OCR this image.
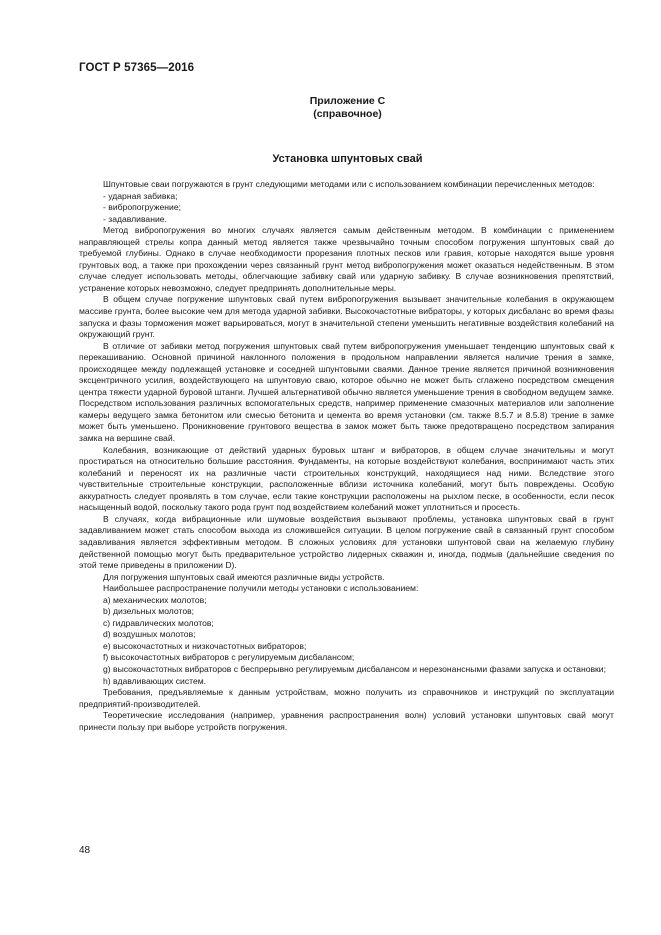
ГОСТ Р 57365—2016
Приложение С
(справочное)
Установка шпунтовых свай

Шпунтовые сваи погружаются в грунт следующими методами или с использованием комбинации перечисленных методов:

- ударная забивка;

- вибропогружение;

- задавливание.

Метод вибропогружения во многих случаях является самым действенным методом. В комбинации с применением направляющей стрелы копра данный метод является также чрезвычайно точным способом погружения шпунтовых свай до требуемой глубины. Однако в случае необходимости прорезания плотных песков или гравия, которые находятся выше уровня грунтовых вод, а также при прохождении через связанный грунт метод вибропогружения может оказаться недейственным. В этом случае следует использовать методы, облегчающие забивку свай или ударную забивку. В случае возникновения препятствий, устранение которых невозможно, следует предпринять дополнительные меры.

В общем случае погружение шпунтовых свай путем вибропогружения вызывает значительные колебания в окружающем массиве грунта, более высокие чем для метода ударной забивки. Высокочастотные вибраторы, у которых дисбаланс во время фазы запуска и фазы торможения может варьироваться, могут в значительной степени уменьшить негативные воздействия колебаний на окружающий грунт.

В отличие от забивки метод погружения шпунтовых свай путем вибропогружения уменьшает тенденцию шпунтовых свай к перекашиванию. Основной причиной наклонного положения в продольном направлении является наличие трения в замке, происходящее между подлежащей установке и соседней шпунтовыми сваями. Данное трение является причиной возникновения эксцентричного усилия, воздействующего на шпунтовую сваю, которое обычно не может быть сглажено посредством смещения центра тяжести ударной буровой штанги. Лучшей альтернативой обычно является уменьшение трения в свободном ведущем замке. Посредством использования различных вспомогательных средств, например применение смазочных материалов или заполнение камеры ведущего замка бетонитом или смесью бетонита и цемента во время установки (см. также 8.5.7 и 8.5.8) трение в замке может быть уменьшено. Проникновение грунтового вещества в замок может быть также предотвращено посредством запирания замка на вершине свай.

Колебания, возникающие от действий ударных буровых штанг и вибраторов, в общем случае значительны и могут простираться на относительно большие расстояния. Фундаменты, на которые воздействуют колебания, воспринимают часть этих колебаний и переносят их на различные части строительных конструкций, находящиеся над ними. Вследствие этого чувствительные строительные конструкции, расположенные вблизи источника колебаний, могут быть повреждены. Особую аккуратность следует проявлять в том случае, если такие конструкции расположены на рыхлом песке, в особенности, если песок насыщенный водой, поскольку такого рода грунт под воздействием колебаний может уплотниться и просесть.

В случаях, когда вибрационные или шумовые воздействия вызывают проблемы, установка шпунтовых свай в грунт задавливанием может стать способом выхода из сложившейся ситуации. В целом погружение свай в связанный грунт способом задавливания является эффективным методом. В сложных условиях для установки шпунтовой сваи на желаемую глубину действенной помощью могут быть предварительное устройство лидерных скважин и, иногда, подмыв (дальнейшие сведения по этой теме приведены в приложении D).

Для погружения шпунтовых свай имеются различные виды устройств.

Наибольшее распространение получили методы установки с использованием:

a) механических молотов;

b) дизельных молотов;

c) гидравлических молотов;

d) воздушных молотов;

e) высокочастотных и низкочастотных вибраторов;

f) высокочастотных вибраторов с регулируемым дисбалансом;

g) высокочастотных вибраторов с беспрерывно регулируемым дисбалансом и нерезонансными фазами запуска и остановки;

h) вдавливающих систем.

Требования, предъявляемые к данным устройствам, можно получить из справочников и инструкций по эксплуатации предприятий-производителей.

Теоретические исследования (например, уравнения распространения волн) условий установки шпунтовых свай могут принести пользу при выборе устройств погружения.

48
